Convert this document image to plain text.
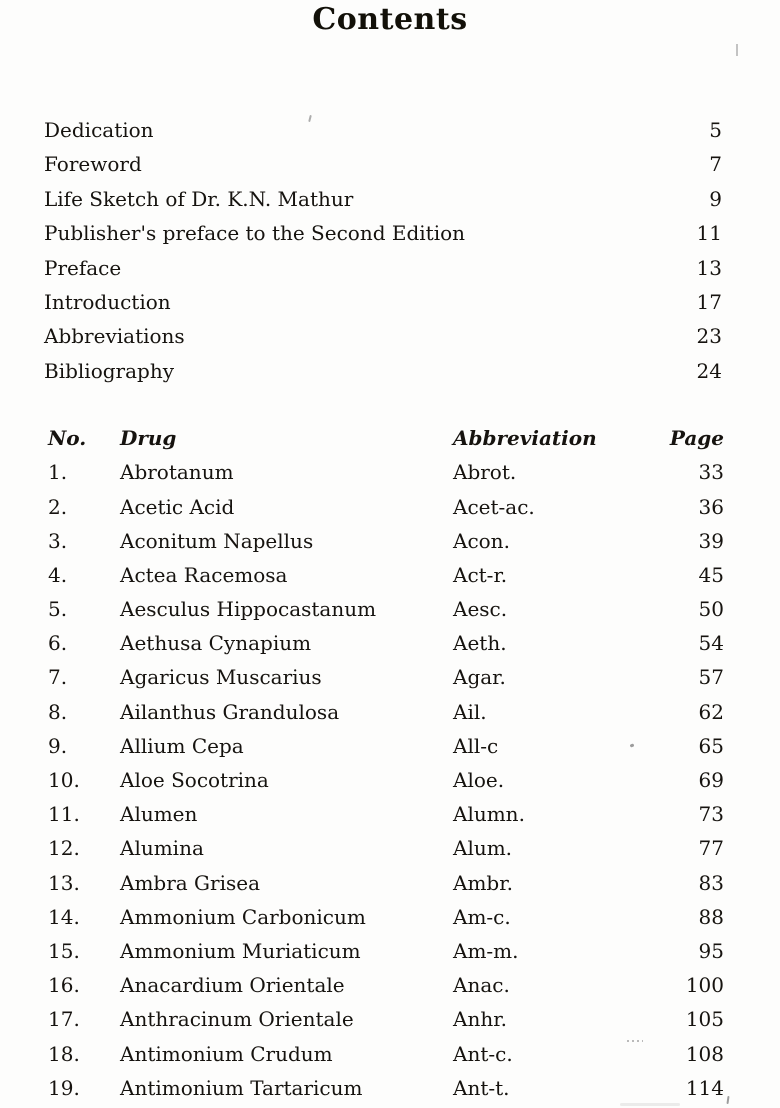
Contents
Dedication	5
Foreword	7
Life Sketch of Dr. K.N. Mathur	9
Publisher's preface to the Second Edition	11
Preface	13
Introduction	17
Abbreviations	23
Bibliography	24
No.	Drug	Abbreviation	Page
1.	Abrotanum	Abrot.	33
2.	Acetic Acid	Acet-ac.	36
3.	Aconitum Napellus	Acon.	39
4.	Actea Racemosa	Act-r.	45
5.	Aesculus Hippocastanum	Aesc.	50
6.	Aethusa Cynapium	Aeth.	54
7.	Agaricus Muscarius	Agar.	57
8.	Ailanthus Grandulosa	Ail.	62
9.	Allium Cepa	All-c	65
10.	Aloe Socotrina	Aloe.	69
11.	Alumen	Alumn.	73
12.	Alumina	Alum.	77
13.	Ambra Grisea	Ambr.	83
14.	Ammonium Carbonicum	Am-c.	88
15.	Ammonium Muriaticum	Am-m.	95
16.	Anacardium Orientale	Anac.	100
17.	Anthracinum Orientale	Anhr.	105
18.	Antimonium Crudum	Ant-c.	108
19.	Antimonium Tartaricum	Ant-t.	114
